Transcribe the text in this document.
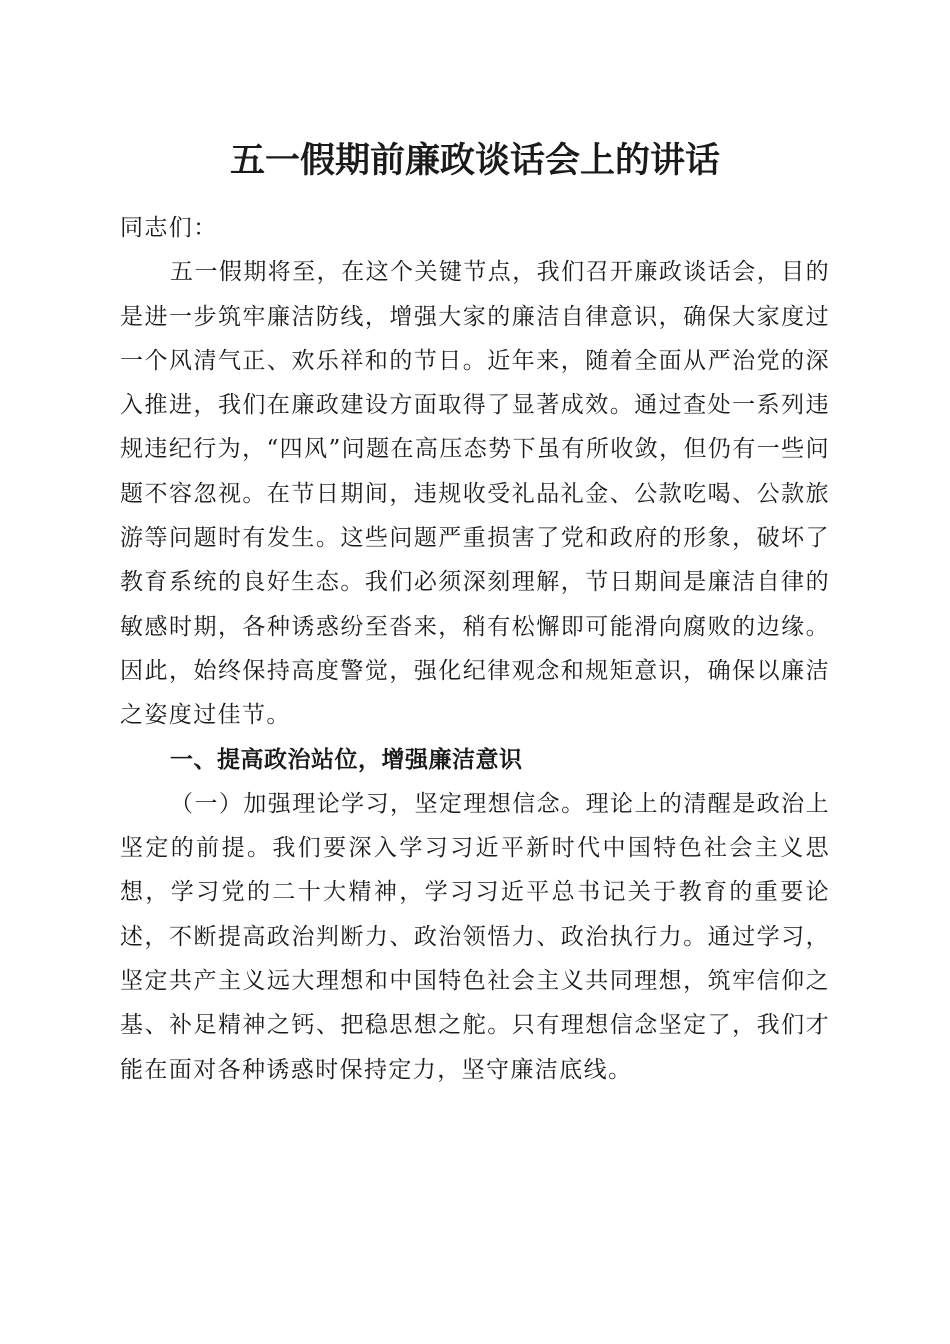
五一假期前廉政谈话会上的讲话

同志们：

五一假期将至，在这个关键节点，我们召开廉政谈话会，目的是进一步筑牢廉洁防线，增强大家的廉洁自律意识，确保大家度过一个风清气正、欢乐祥和的节日。近年来，随着全面从严治党的深入推进，我们在廉政建设方面取得了显著成效。通过查处一系列违规违纪行为，“四风”问题在高压态势下虽有所收敛，但仍有一些问题不容忽视。在节日期间，违规收受礼品礼金、公款吃喝、公款旅游等问题时有发生。这些问题严重损害了党和政府的形象，破坏了教育系统的良好生态。我们必须深刻理解，节日期间是廉洁自律的敏感时期，各种诱惑纷至沓来，稍有松懈即可能滑向腐败的边缘。因此，始终保持高度警觉，强化纪律观念和规矩意识，确保以廉洁之姿度过佳节。

一、提高政治站位，增强廉洁意识

（一）加强理论学习，坚定理想信念。理论上的清醒是政治上坚定的前提。我们要深入学习习近平新时代中国特色社会主义思想，学习党的二十大精神，学习习近平总书记关于教育的重要论述，不断提高政治判断力、政治领悟力、政治执行力。通过学习，坚定共产主义远大理想和中国特色社会主义共同理想，筑牢信仰之基、补足精神之钙、把稳思想之舵。只有理想信念坚定了，我们才能在面对各种诱惑时保持定力，坚守廉洁底线。
